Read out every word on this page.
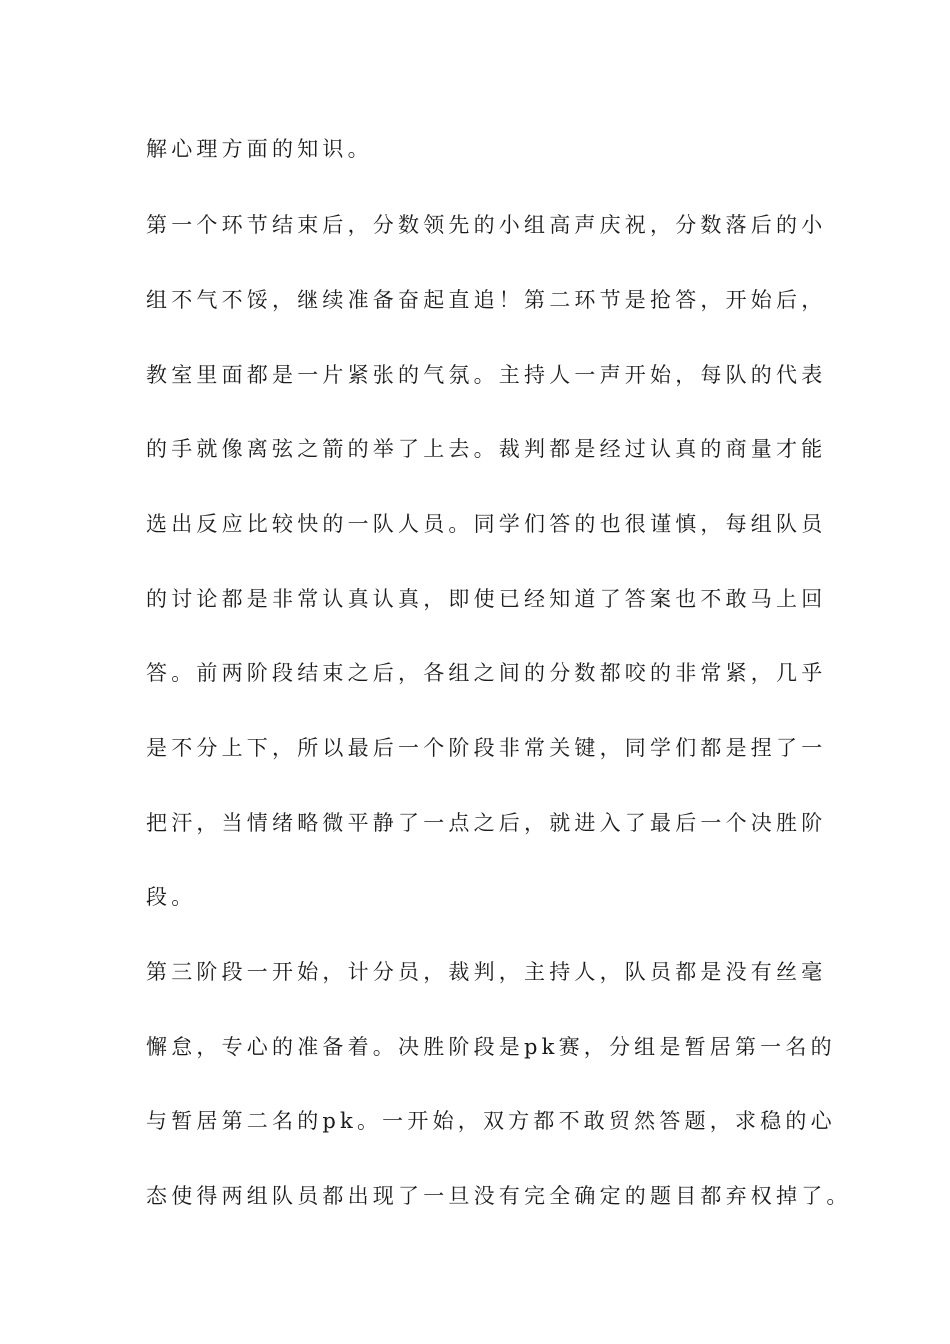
解心理方面的知识。
第一个环节结束后，分数领先的小组高声庆祝，分数落后的小
组不气不馁，继续准备奋起直追！第二环节是抢答，开始后，
教室里面都是一片紧张的气氛。主持人一声开始，每队的代表
的手就像离弦之箭的举了上去。裁判都是经过认真的商量才能
选出反应比较快的一队人员。同学们答的也很谨慎，每组队员
的讨论都是非常认真认真，即使已经知道了答案也不敢马上回
答。前两阶段结束之后，各组之间的分数都咬的非常紧，几乎
是不分上下，所以最后一个阶段非常关键，同学们都是捏了一
把汗，当情绪略微平静了一点之后，就进入了最后一个决胜阶
段。
第三阶段一开始，计分员，裁判，主持人，队员都是没有丝毫
懈怠，专心的准备着。决胜阶段是pk赛，分组是暂居第一名的
与暂居第二名的pk。一开始，双方都不敢贸然答题，求稳的心
态使得两组队员都出现了一旦没有完全确定的题目都弃权掉了。
